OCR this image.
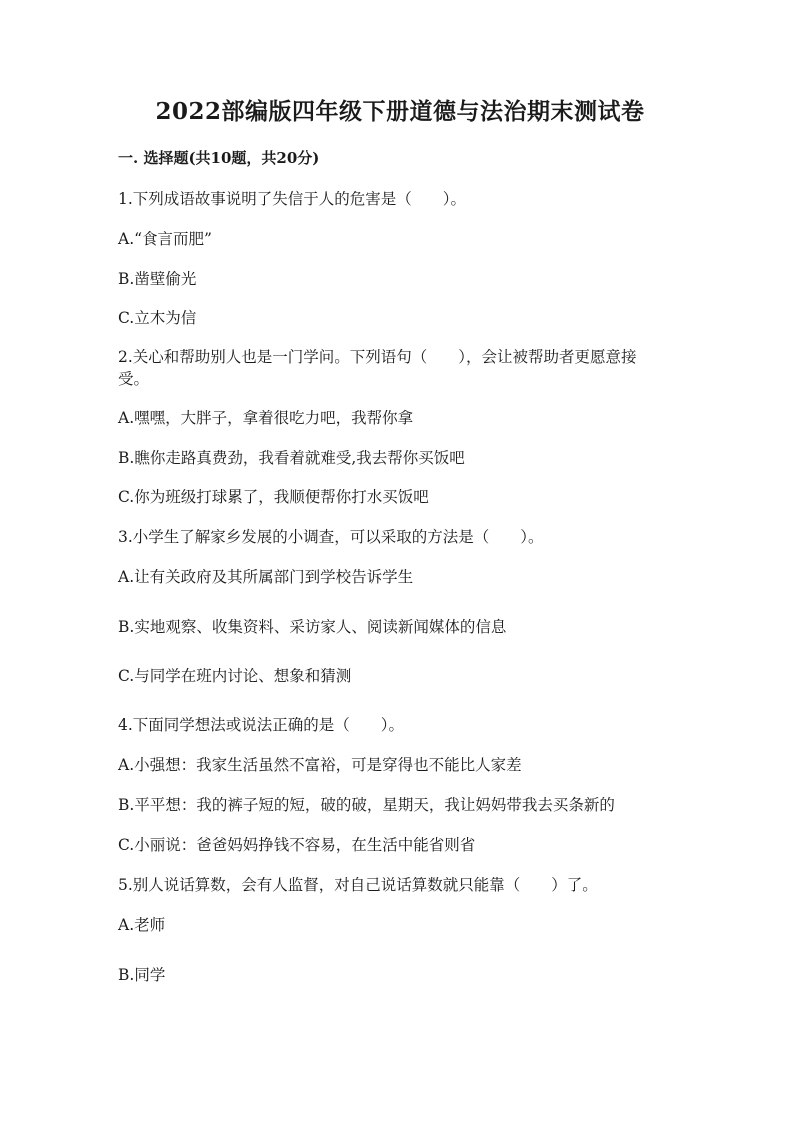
2022部编版四年级下册道德与法治期末测试卷
一. 选择题(共10题，共20分)
1.下列成语故事说明了失信于人的危害是（　　）。
A.“食言而肥”
B.凿壁偷光
C.立木为信
2.关心和帮助别人也是一门学问。下列语句（　　），会让被帮助者更愿意接
受。
A.嘿嘿，大胖子，拿着很吃力吧，我帮你拿
B.瞧你走路真费劲，我看着就难受,我去帮你买饭吧
C.你为班级打球累了，我顺便帮你打水买饭吧
3.小学生了解家乡发展的小调查，可以采取的方法是（　　）。
A.让有关政府及其所属部门到学校告诉学生
B.实地观察、收集资料、采访家人、阅读新闻媒体的信息
C.与同学在班内讨论、想象和猜测
4.下面同学想法或说法正确的是（　　）。
A.小强想：我家生活虽然不富裕，可是穿得也不能比人家差
B.平平想：我的裤子短的短，破的破，星期天，我让妈妈带我去买条新的
C.小丽说：爸爸妈妈挣钱不容易，在生活中能省则省
5.别人说话算数，会有人监督，对自己说话算数就只能靠（　　）了。
A.老师
B.同学
